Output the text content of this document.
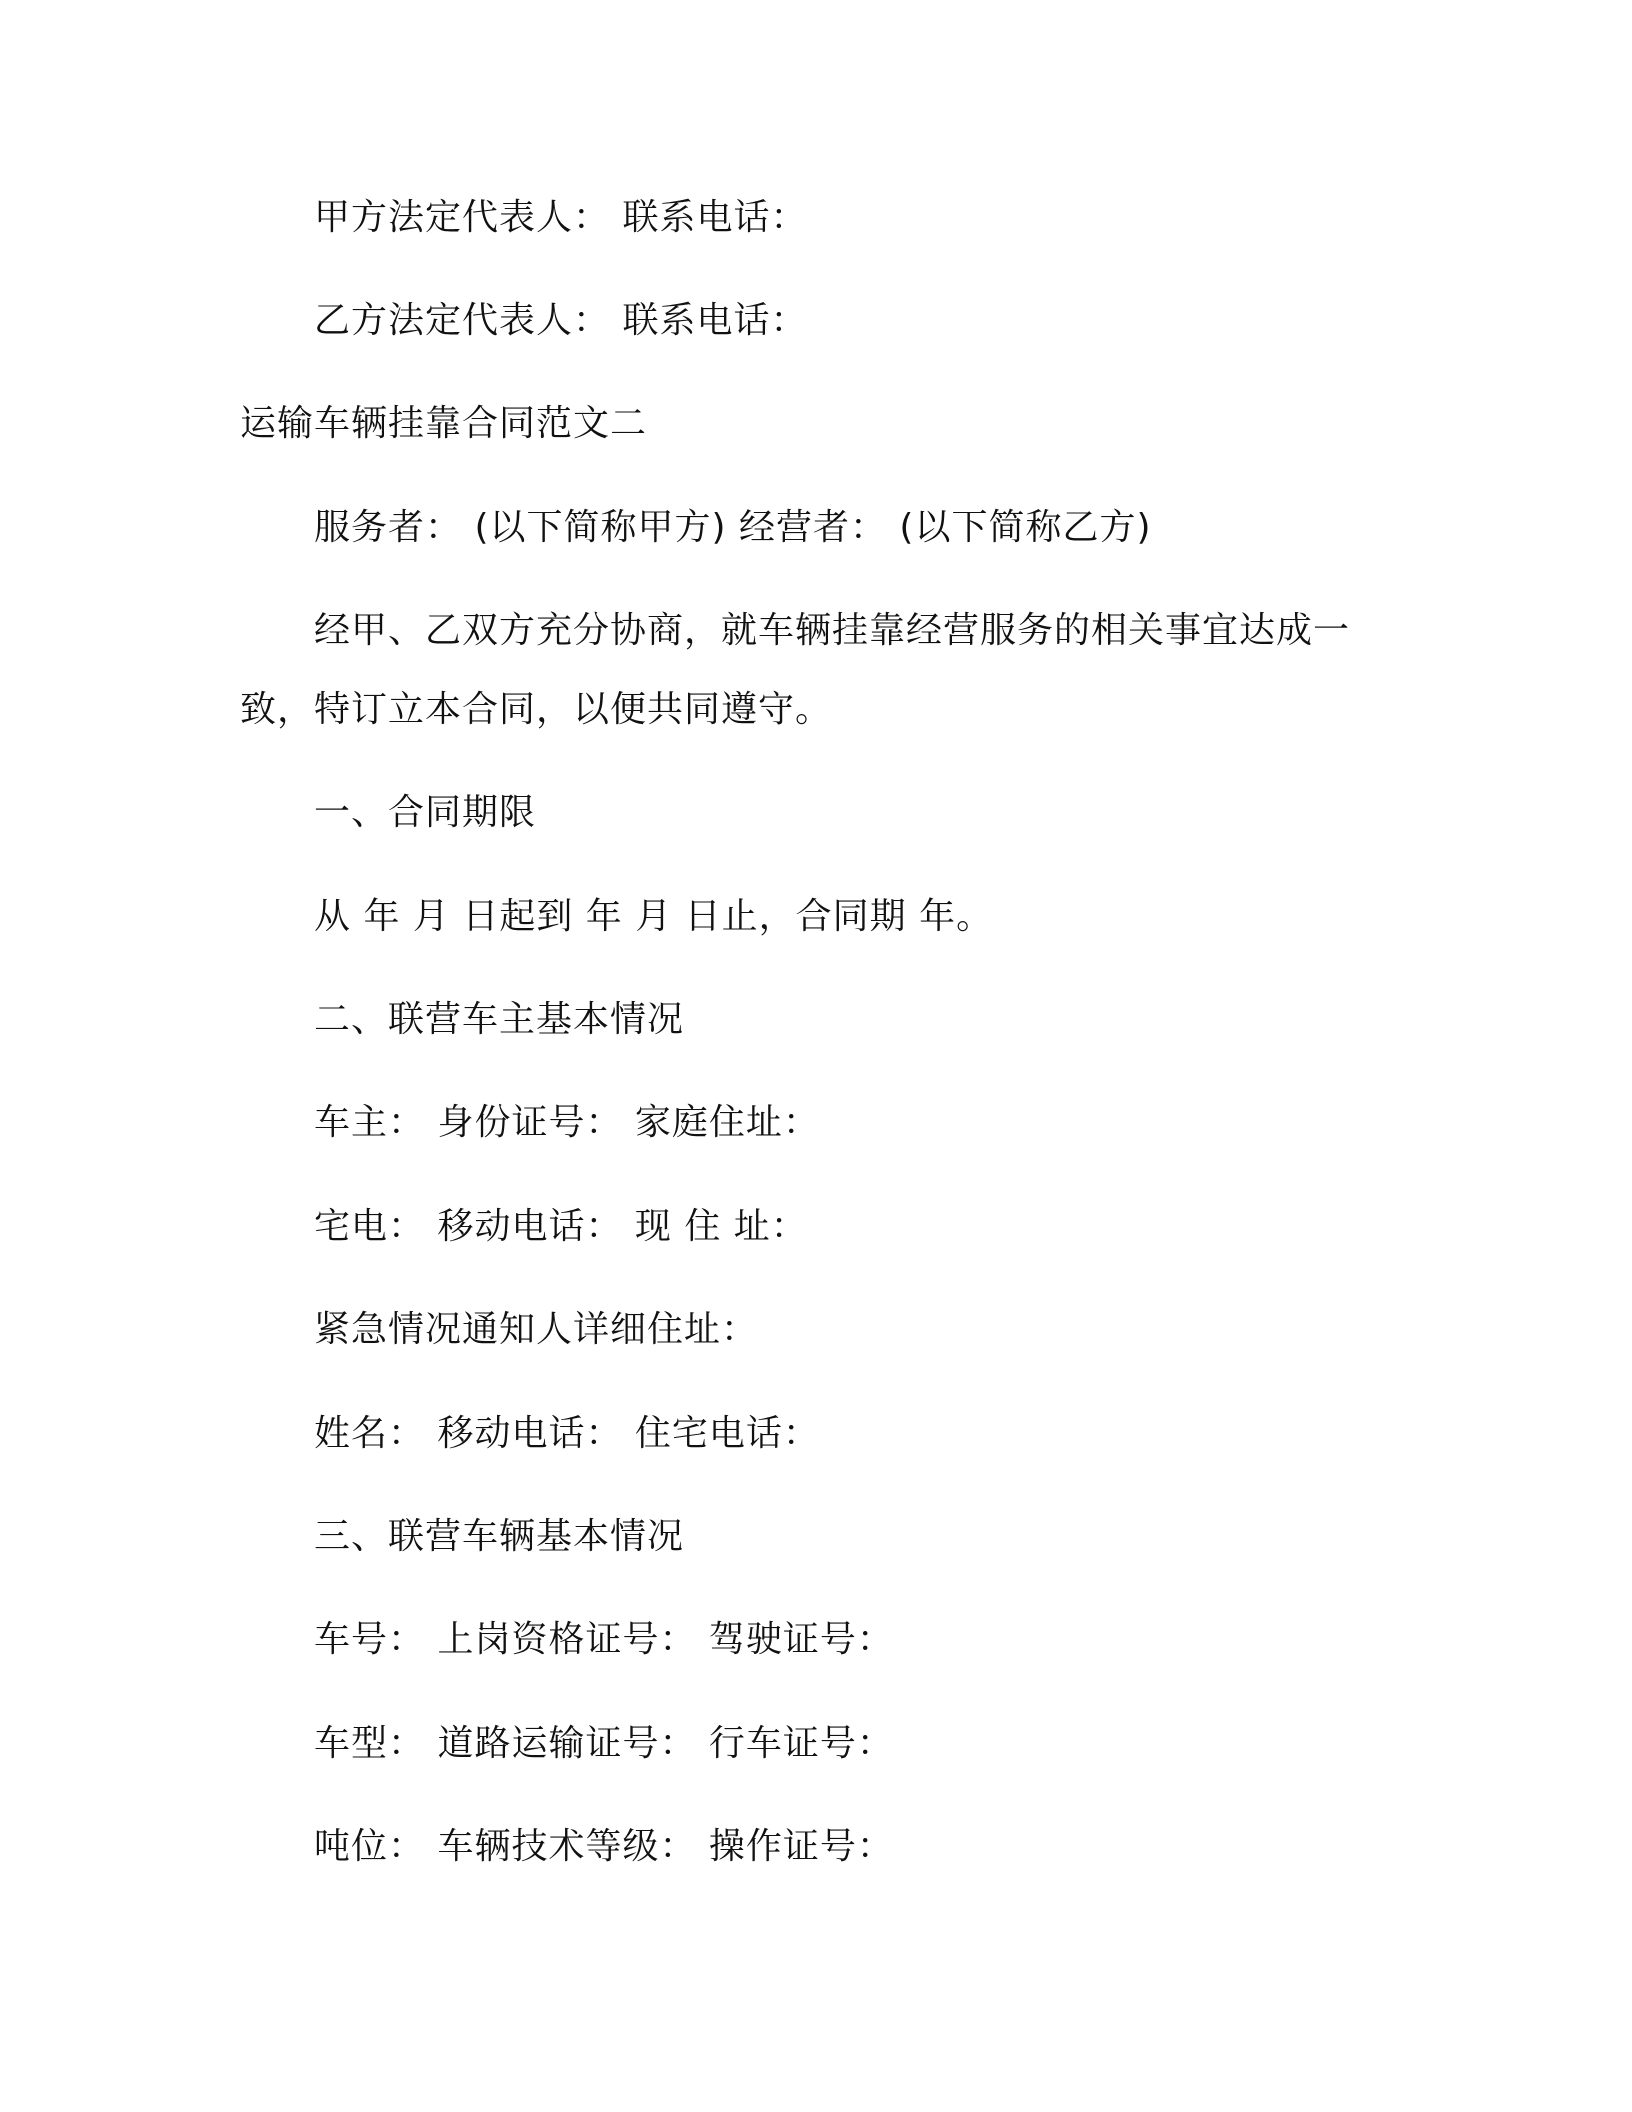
甲方法定代表人： 联系电话：
乙方法定代表人： 联系电话：
运输车辆挂靠合同范文二
服务者： (以下简称甲方) 经营者： (以下简称乙方)
经甲、乙双方充分协商，就车辆挂靠经营服务的相关事宜达成一
致，特订立本合同，以便共同遵守。
一、合同期限
从 年 月 日起到 年 月 日止，合同期 年。
二、联营车主基本情况
车主： 身份证号： 家庭住址：
宅电： 移动电话： 现 住 址：
紧急情况通知人详细住址：
姓名： 移动电话： 住宅电话：
三、联营车辆基本情况
车号： 上岗资格证号： 驾驶证号：
车型： 道路运输证号： 行车证号：
吨位： 车辆技术等级： 操作证号：
